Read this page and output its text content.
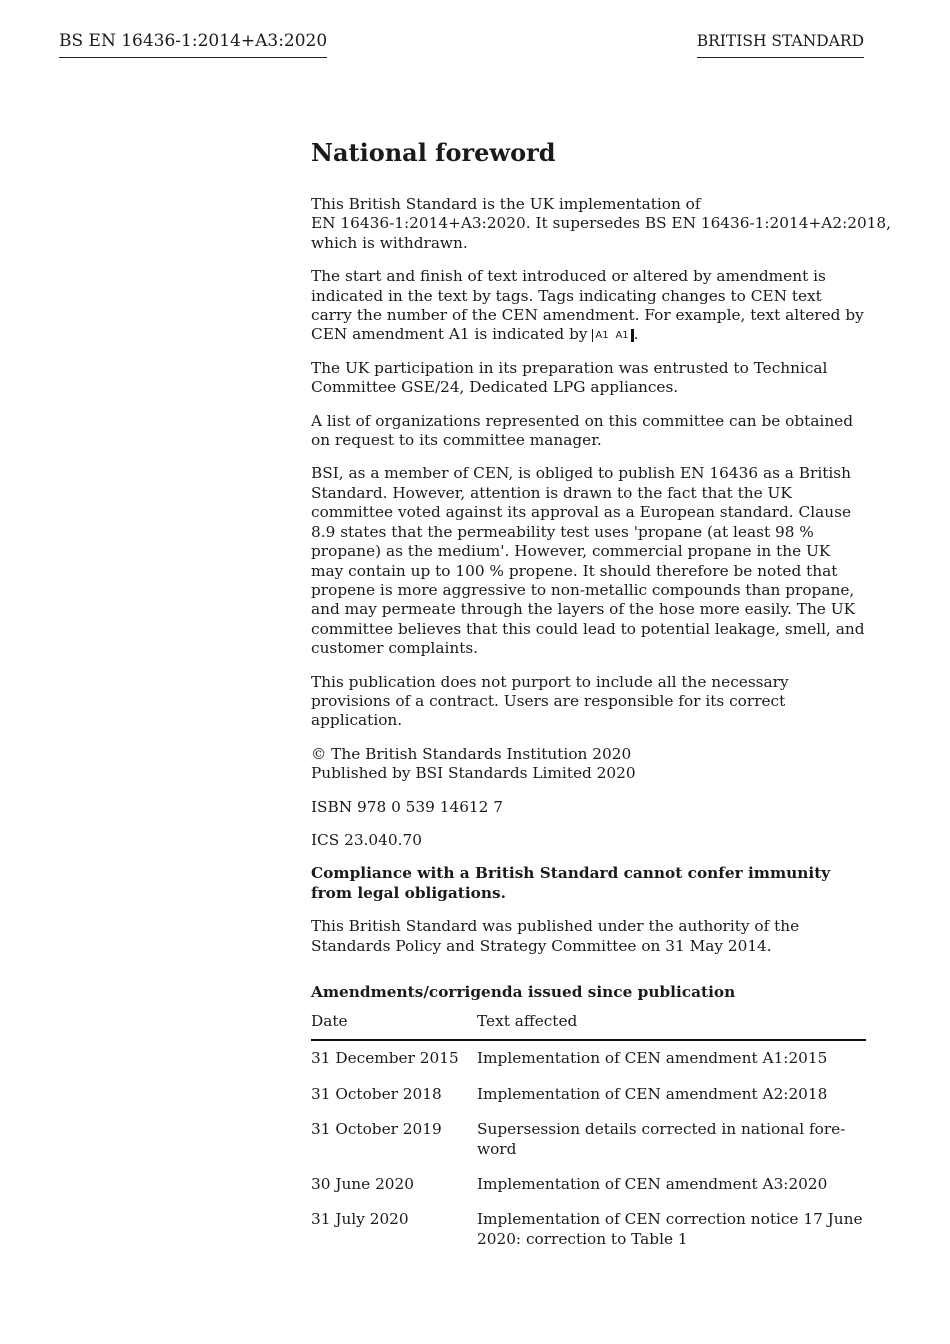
BS EN 16436-1:2014+A3:2020	BRITISH STANDARD
National foreword

This British Standard is the UK implementation of
EN 16436-1:2014+A3:2020. It supersedes BS EN 16436-1:2014+A2:2018,
which is withdrawn.

The start and finish of text introduced or altered by amendment is indicated in the text by tags. Tags indicating changes to CEN text carry the number of the CEN amendment. For example, text altered by CEN amendment A1 is indicated by A1 A1 .

The UK participation in its preparation was entrusted to Technical Committee GSE/24, Dedicated LPG appliances.

A list of organizations represented on this committee can be obtained on request to its committee manager.

BSI, as a member of CEN, is obliged to publish EN 16436 as a British Standard. However, attention is drawn to the fact that the UK committee voted against its approval as a European standard. Clause 8.9 states that the permeability test uses 'propane (at least 98 % propane) as the medium'. However, commercial propane in the UK may contain up to 100 % propene. It should therefore be noted that propene is more aggressive to non-metallic compounds than propane, and may permeate through the layers of the hose more easily. The UK committee believes that this could lead to potential leakage, smell, and customer complaints.

This publication does not purport to include all the necessary provisions of a contract. Users are responsible for its correct application.

© The British Standards Institution 2020
Published by BSI Standards Limited 2020

ISBN 978 0 539 14612 7

ICS 23.040.70

Compliance with a British Standard cannot confer immunity from legal obligations.

This British Standard was published under the authority of the Standards Policy and Strategy Committee on 31 May 2014.

Amendments/corrigenda issued since publication
Date	Text affected
31 December 2015	Implementation of CEN amendment A1:2015
31 October 2018	Implementation of CEN amendment A2:2018
31 October 2019	Supersession details corrected in national fore-word
30 June 2020	Implementation of CEN amendment A3:2020
31 July 2020	Implementation of CEN correction notice 17 June 2020: correction to Table 1
